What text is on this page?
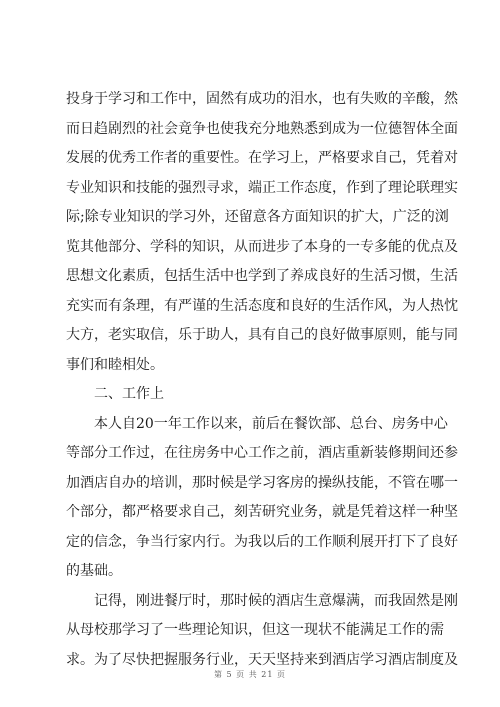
投身于学习和工作中，固然有成功的泪水，也有失败的辛酸，然
而日趋剧烈的社会竟争也使我充分地熟悉到成为一位德智体全面
发展的优秀工作者的重要性。在学习上，严格要求自己，凭着对
专业知识和技能的强烈寻求，端正工作态度，作到了理论联理实
际;除专业知识的学习外，还留意各方面知识的扩大，广泛的浏
览其他部分、学科的知识，从而进步了本身的一专多能的优点及
思想文化素质，包括生活中也学到了养成良好的生活习惯，生活
充实而有条理，有严谨的生活态度和良好的生活作风，为人热忱
大方，老实取信，乐于助人，具有自己的良好做事原则，能与同
事们和睦相处。
　　二、工作上
　　本人自20一年工作以来，前后在餐饮部、总台、房务中心
等部分工作过，在往房务中心工作之前，酒店重新装修期间还参
加酒店自办的培训，那时候是学习客房的操纵技能，不管在哪一
个部分，都严格要求自己，刻苦研究业务，就是凭着这样一种坚
定的信念，争当行家内行。为我以后的工作顺利展开打下了良好
的基础。
　　记得，刚进餐厅时，那时候的酒店生意爆满，而我固然是刚
从母校那学习了一些理论知识，但这一现状不能满足工作的需
求。为了尽快把握服务行业，天天坚持来到酒店学习酒店制度及
第 5 页 共 21 页
